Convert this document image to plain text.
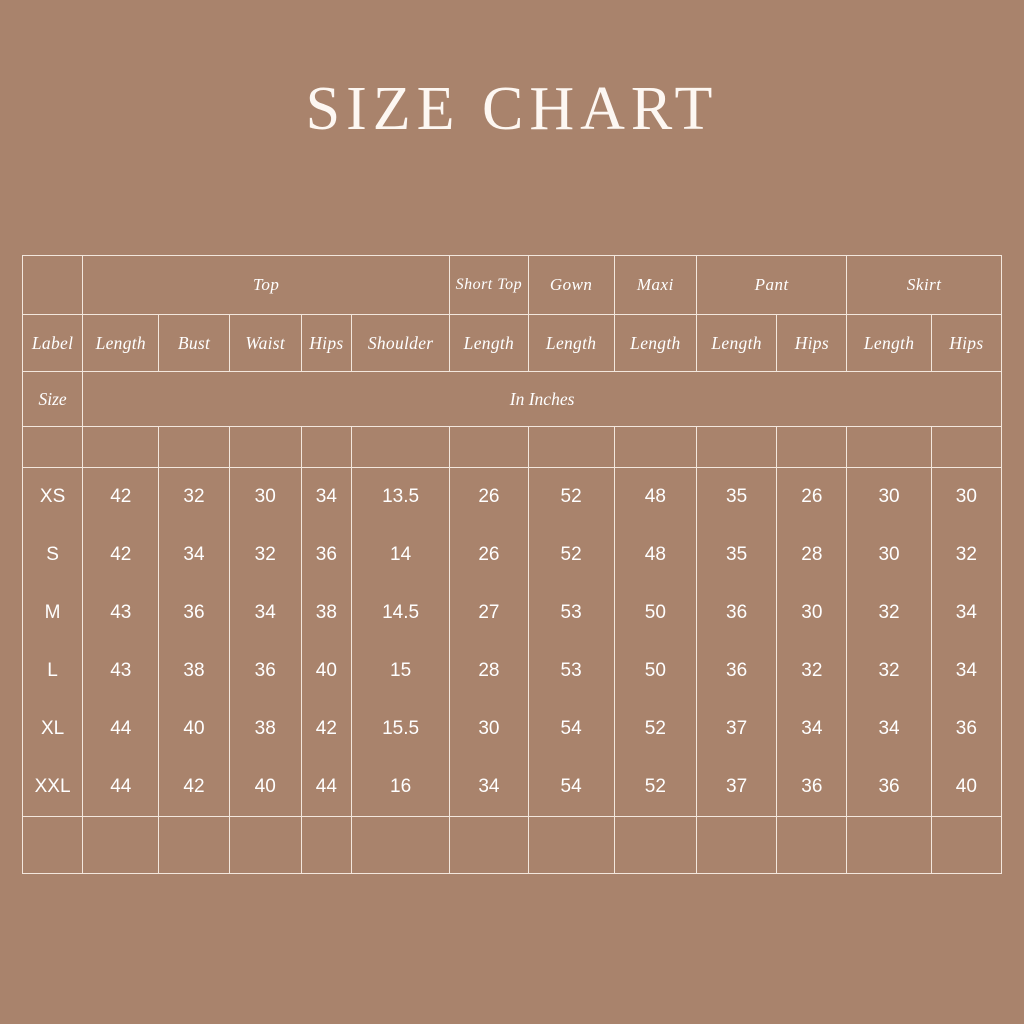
SIZE CHART
	Top					Short Top	Gown	Maxi	Pant		Skirt	
Label	Length	Bust	Waist	Hips	Shoulder	Length	Length	Length	Length	Hips	Length	Hips
Size	In Inches											

XS	42	32	30	34	13.5	26	52	48	35	26	30	30
S	42	34	32	36	14	26	52	48	35	28	30	32
M	43	36	34	38	14.5	27	53	50	36	30	32	34
L	43	38	36	40	15	28	53	50	36	32	32	34
XL	44	40	38	42	15.5	30	54	52	37	34	34	36
XXL	44	42	40	44	16	34	54	52	37	36	36	40
